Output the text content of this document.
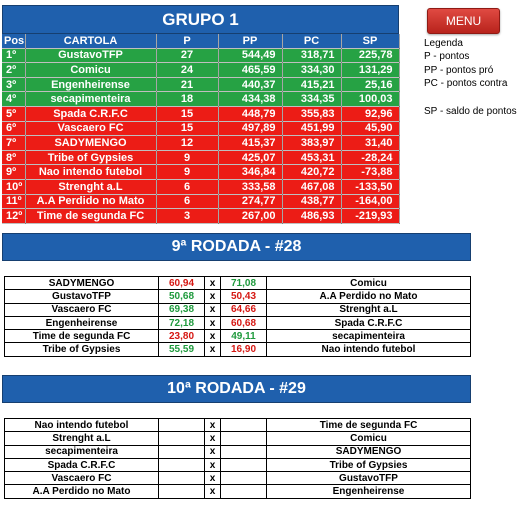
GRUPO 1
Pos	CARTOLA	P	PP	PC	SP
1º	GustavoTFP	27	544,49	318,71	225,78
2º	Comicu	24	465,59	334,30	131,29
3º	Engenheirense	21	440,37	415,21	25,16
4º	secapimenteira	18	434,38	334,35	100,03
5º	Spada C.R.F.C	15	448,79	355,83	92,96
6º	Vascaero FC	15	497,89	451,99	45,90
7º	SADYMENGO	12	415,37	383,97	31,40
8º	Tribe of Gypsies	9	425,07	453,31	-28,24
9º	Nao intendo futebol	9	346,84	420,72	-73,88
10º	Strenght a.L	6	333,58	467,08	-133,50
11º	A.A Perdido no Mato	6	274,77	438,77	-164,00
12º	Time de segunda FC	3	267,00	486,93	-219,93
MENU
Legenda
P - pontos
PP - pontos pró
PC - pontos contra
SP - saldo de pontos
9ª RODADA - #28
SADYMENGO	60,94	x	71,08	Comicu
GustavoTFP	50,68	x	50,43	A.A Perdido no Mato
Vascaero FC	69,38	x	64,66	Strenght a.L
Engenheirense	72,18	x	60,68	Spada C.R.F.C
Time de segunda FC	23,80	x	49,11	secapimenteira
Tribe of Gypsies	55,59	x	16,90	Nao intendo futebol
10ª RODADA - #29
Nao intendo futebol		x		Time de segunda FC
Strenght a.L		x		Comicu
secapimenteira		x		SADYMENGO
Spada C.R.F.C		x		Tribe of Gypsies
Vascaero FC		x		GustavoTFP
A.A Perdido no Mato		x		Engenheirense
